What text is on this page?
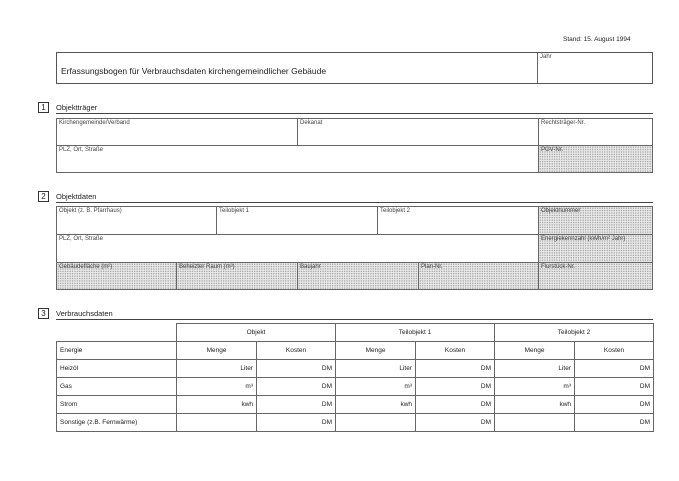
Stand: 15. August 1994
Erfassungsbogen für Verbrauchsdaten kirchengemeindlicher Gebäude
Jahr
1	Objektträger
Kirchengemeinde/Verband	Dekanat	Rechtsträger-Nr.
PLZ, Ort, Straße	PGV-Nr.
2	Objektdaten
Objekt (z. B. Pfarrhaus)	Teilobjekt 1	Teilobjekt 2	Objektnummer
PLZ, Ort, Straße	Energiekennzahl (kWh/m² Jahr)
Gebäudefläche (m²)	Beheizter Raum (m³)	Baujahr	Plan-Nr.	Flurstück-Nr.
3	Verbrauchsdaten
	Objekt		Teilobjekt 1		Teilobjekt 2	
Energie	Menge	Kosten	Menge	Kosten	Menge	Kosten
Heizöl	Liter	DM	Liter	DM	Liter	DM
Gas	m³	DM	m³	DM	m³	DM
Strom	kwh	DM	kwh	DM	kwh	DM
Sonstige (z.B. Fernwärme)		DM		DM		DM
